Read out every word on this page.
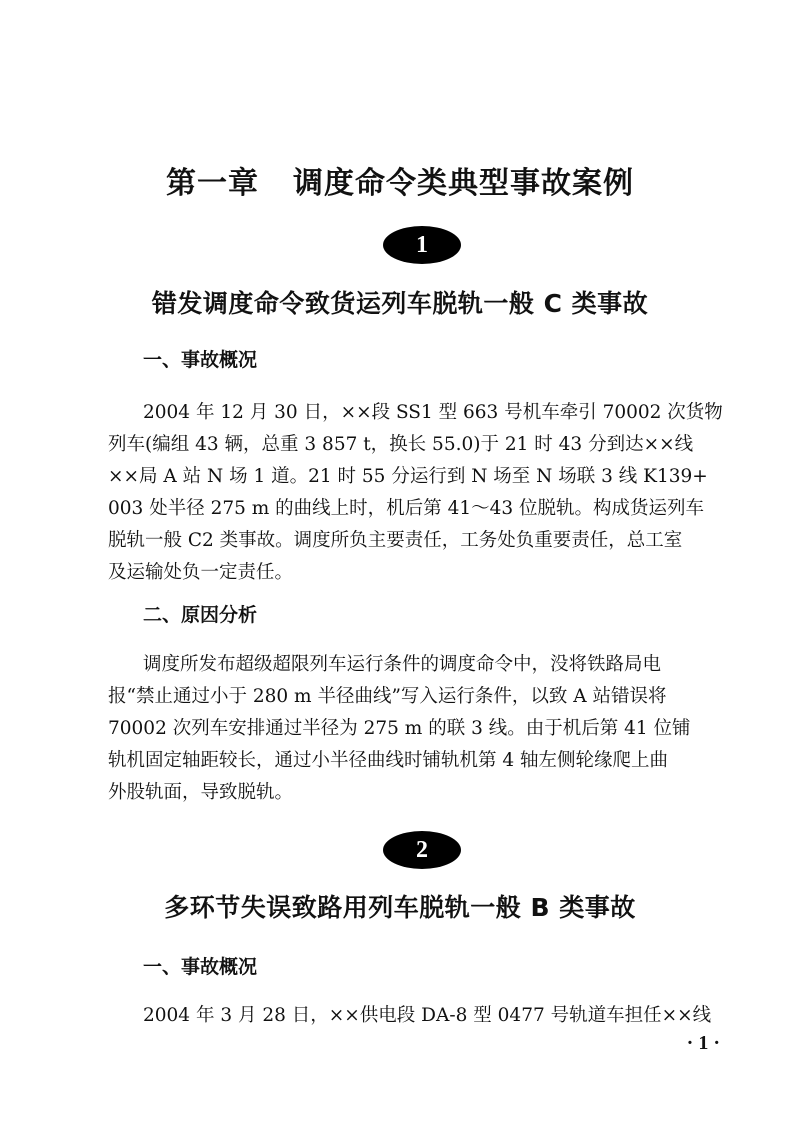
第一章 调度命令类典型事故案例
1
错发调度命令致货运列车脱轨一般 C 类事故
一、事故概况
2004 年 12 月 30 日，××段 SS1 型 663 号机车牵引 70002 次货物
列车(编组 43 辆，总重 3 857 t，换长 55.0)于 21 时 43 分到达××线
××局 A 站 N 场 1 道。21 时 55 分运行到 N 场至 N 场联 3 线 K139+
003 处半径 275 m 的曲线上时，机后第 41～43 位脱轨。构成货运列车
脱轨一般 C2 类事故。调度所负主要责任，工务处负重要责任，总工室
及运输处负一定责任。
二、原因分析
调度所发布超级超限列车运行条件的调度命令中，没将铁路局电
报“禁止通过小于 280 m 半径曲线”写入运行条件，以致 A 站错误将
70002 次列车安排通过半径为 275 m 的联 3 线。由于机后第 41 位铺
轨机固定轴距较长，通过小半径曲线时铺轨机第 4 轴左侧轮缘爬上曲
外股轨面，导致脱轨。
2
多环节失误致路用列车脱轨一般 B 类事故
一、事故概况
2004 年 3 月 28 日，××供电段 DA-8 型 0477 号轨道车担任××线
· 1 ·
